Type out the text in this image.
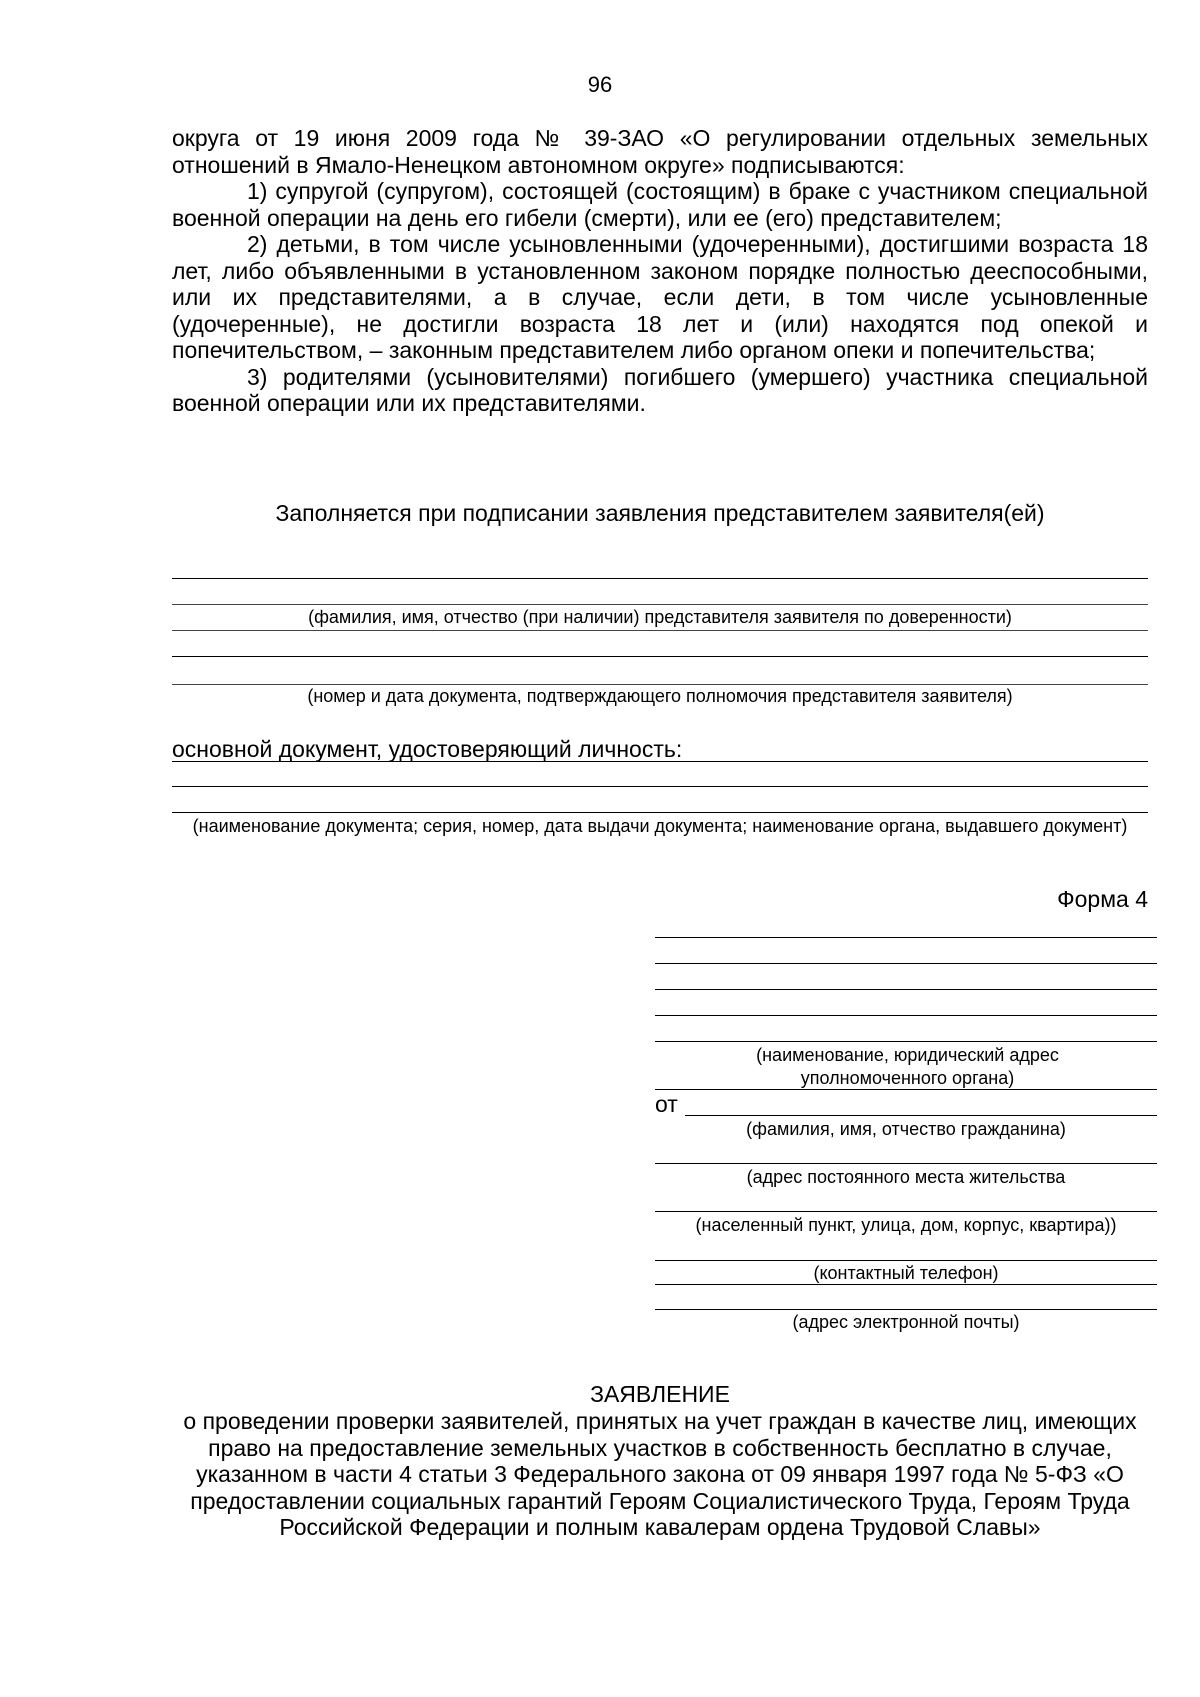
96

округа от 19 июня 2009 года № 39-ЗАО «О регулировании отдельных земельных отношений в Ямало-Ненецком автономном округе» подписываются:

1) супругой (супругом), состоящей (состоящим) в браке с участником специальной военной операции на день его гибели (смерти), или ее (его) представителем;

2) детьми, в том числе усыновленными (удочеренными), достигшими возраста 18 лет, либо объявленными в установленном законом порядке полностью дееспособными, или их представителями, а в случае, если дети, в том числе усыновленные (удочеренные), не достигли возраста 18 лет и (или) находятся под опекой и попечительством, – законным представителем либо органом опеки и попечительства;

3) родителями (усыновителями) погибшего (умершего) участника специальной военной операции или их представителями.

Заполняется при подписании заявления представителем заявителя(ей)
(фамилия, имя, отчество (при наличии) представителя заявителя по доверенности)
(номер и дата документа, подтверждающего полномочия представителя заявителя)
основной документ, удостоверяющий личность:
(наименование документа; серия, номер, дата выдачи документа; наименование органа, выдавшего документ)
Форма 4
(наименование, юридический адрес уполномоченного органа)
от
(фамилия, имя, отчество гражданина)
(адрес постоянного места жительства
(населенный пункт, улица, дом, корпус, квартира))
(контактный телефон)
(адрес электронной почты)
ЗАЯВЛЕНИЕ
о проведении проверки заявителей, принятых на учет граждан в качестве лиц, имеющих право на предоставление земельных участков в собственность бесплатно в случае, указанном в части 4 статьи 3 Федерального закона от 09 января 1997 года № 5-ФЗ «О предоставлении социальных гарантий Героям Социалистического Труда, Героям Труда Российской Федерации и полным кавалерам ордена Трудовой Славы»
